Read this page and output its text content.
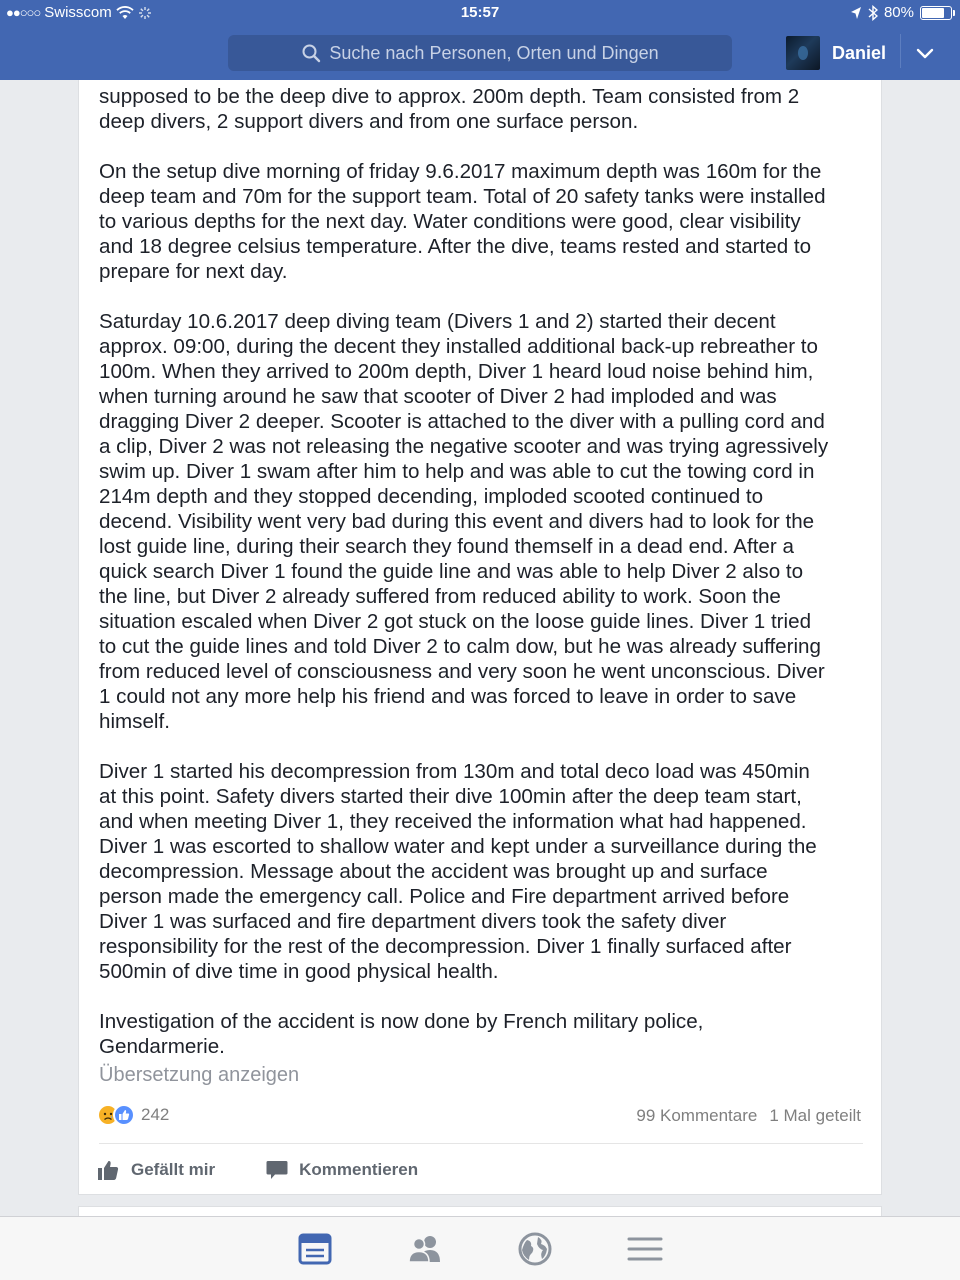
●●○○○ Swisscom	15:57	80%
Suche nach Personen, Orten und Dingen	Daniel

supposed to be the deep dive to approx. 200m depth. Team consisted from 2
deep divers, 2 support divers and from one surface person.

On the setup dive morning of friday 9.6.2017 maximum depth was 160m for the
deep team and 70m for the support team. Total of 20 safety tanks were installed
to various depths for the next day. Water conditions were good, clear visibility
and 18 degree celsius temperature. After the dive, teams rested and started to
prepare for next day.

Saturday 10.6.2017 deep diving team (Divers 1 and 2) started their decent
approx. 09:00, during the decent they installed additional back-up rebreather to
100m. When they arrived to 200m depth, Diver 1 heard loud noise behind him,
when turning around he saw that scooter of Diver 2 had imploded and was
dragging Diver 2 deeper. Scooter is attached to the diver with a pulling cord and
a clip, Diver 2 was not releasing the negative scooter and was trying agressively
swim up. Diver 1 swam after him to help and was able to cut the towing cord in
214m depth and they stopped decending, imploded scooted continued to
decend. Visibility went very bad during this event and divers had to look for the
lost guide line, during their search they found themself in a dead end. After a
quick search Diver 1 found the guide line and was able to help Diver 2 also to
the line, but Diver 2 already suffered from reduced ability to work. Soon the
situation escaled when Diver 2 got stuck on the loose guide lines. Diver 1 tried
to cut the guide lines and told Diver 2 to calm dow, but he was already suffering
from reduced level of consciousness and very soon he went unconscious. Diver
1 could not any more help his friend and was forced to leave in order to save
himself.

Diver 1 started his decompression from 130m and total deco load was 450min
at this point. Safety divers started their dive 100min after the deep team start,
and when meeting Diver 1, they received the information what had happened.
Diver 1 was escorted to shallow water and kept under a surveillance during the
decompression. Message about the accident was brought up and surface
person made the emergency call. Police and Fire department arrived before
Diver 1 was surfaced and fire department divers took the safety diver
responsibility for the rest of the decompression. Diver 1 finally surfaced after
500min of dive time in good physical health.

Investigation of the accident is now done by French military police,
Gendarmerie.

Übersetzung anzeigen
242	99 Kommentare 1 Mal geteilt
Gefällt mir	Kommentieren
